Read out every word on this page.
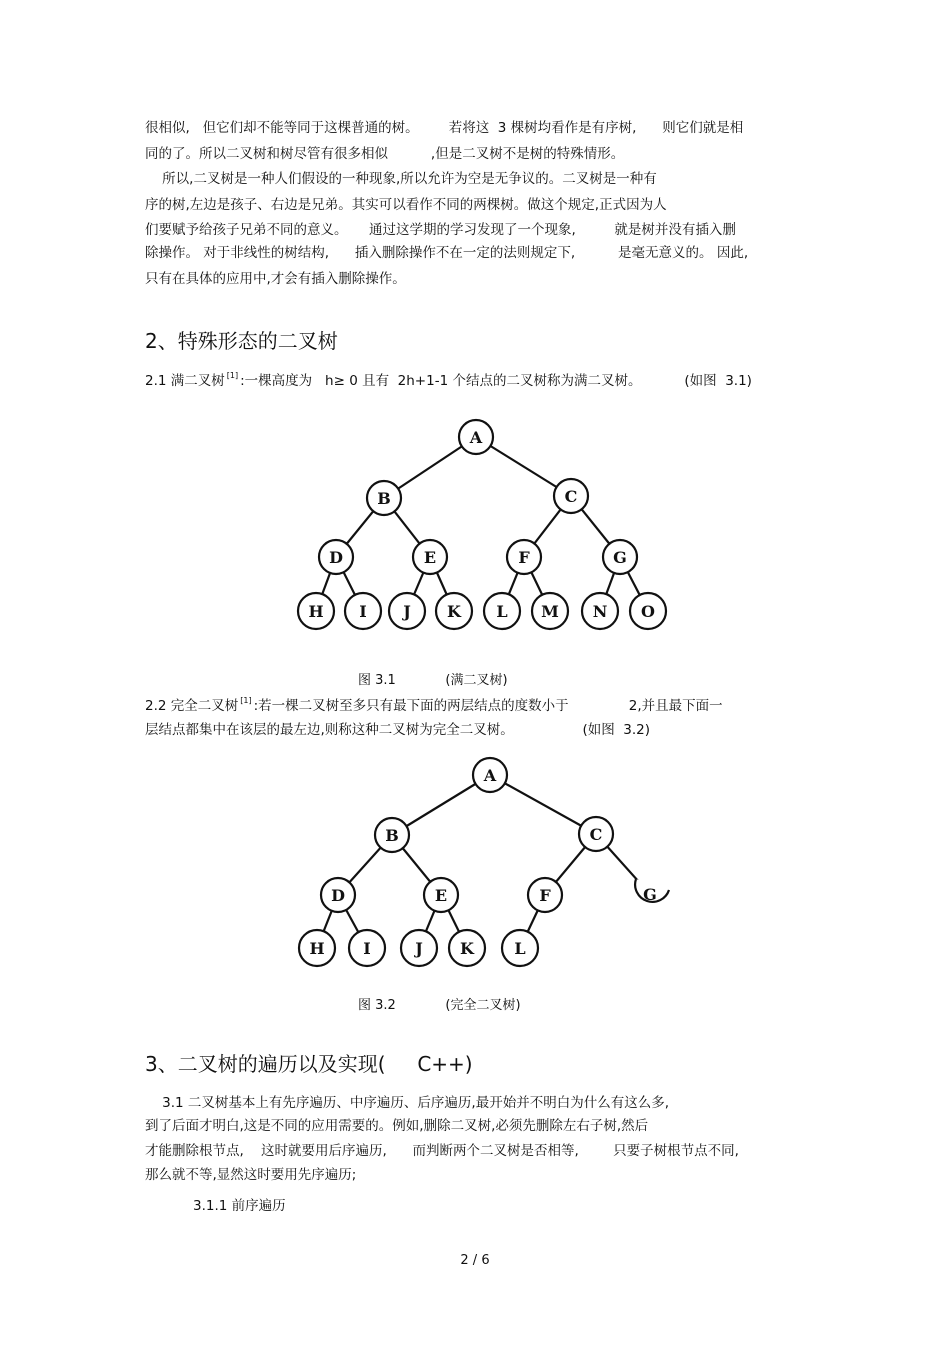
很相似,   但它们却不能等同于这棵普通的树。       若将这  3 棵树均看作是有序树,      则它们就是相
同的了。所以二叉树和树尽管有很多相似          ,但是二叉树不是树的特殊情形。
所以,二叉树是一种人们假设的一种现象,所以允许为空是无争议的。二叉树是一种有
序的树,左边是孩子、右边是兄弟。其实可以看作不同的两棵树。做这个规定,正式因为人
们要赋予给孩子兄弟不同的意义。     通过这学期的学习发现了一个现象,         就是树并没有插入删
除操作。 对于非线性的树结构,      插入删除操作不在一定的法则规定下,          是毫无意义的。 因此,
只有在具体的应用中,才会有插入删除操作。
2、特殊形态的二叉树
2.1 满二叉树 [1] :一棵高度为   h≥ 0 且有  2h+1-1 个结点的二叉树称为满二叉树。          (如图  3.1)
A
B	C
D	E	F	G
H I J K L M N O
图 3.1            (满二叉树)
2.2 完全二叉树 [1] :若一棵二叉树至多只有最下面的两层结点的度数小于              2,并且最下面一
层结点都集中在该层的最左边,则称这种二叉树为完全二叉树。                (如图  3.2)
A
B	C
D	E	F	G
H I	J K	L
图 3.2            (完全二叉树)
3、二叉树的遍历以及实现(     C++)
3.1 二叉树基本上有先序遍历、中序遍历、后序遍历,最开始并不明白为什么有这么多,
到了后面才明白,这是不同的应用需要的。例如,删除二叉树,必须先删除左右子树,然后
才能删除根节点,    这时就要用后序遍历,      而判断两个二叉树是否相等,        只要子树根节点不同,
那么就不等,显然这时要用先序遍历;
3.1.1 前序遍历
2 / 6
